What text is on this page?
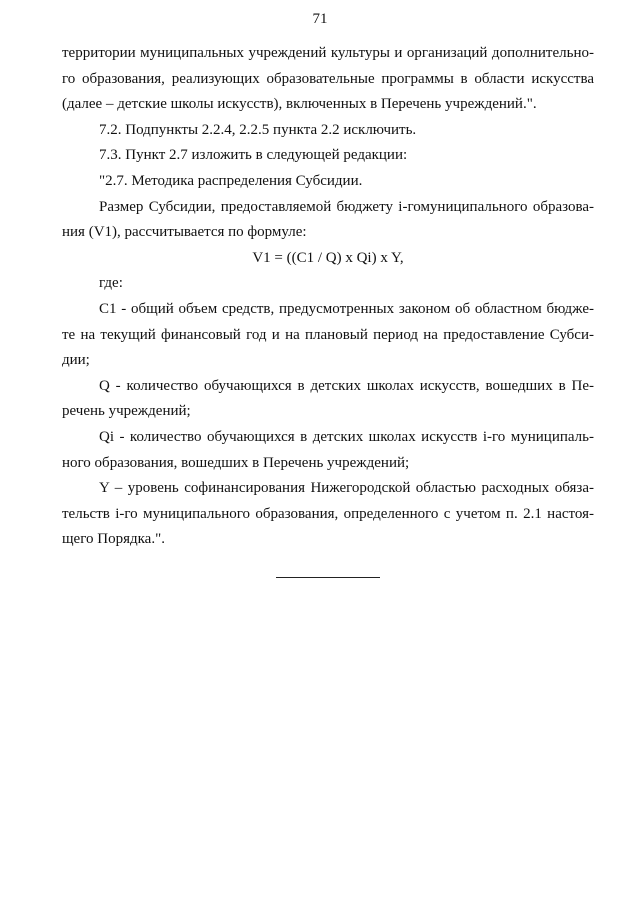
71
территории муниципальных учреждений культуры и организаций дополнительно-
го образования, реализующих образовательные программы в области искусства
(далее – детские школы искусств), включенных в Перечень учреждений.".
7.2. Подпункты 2.2.4, 2.2.5 пункта 2.2 исключить.
7.3. Пункт 2.7 изложить в следующей редакции:
"2.7. Методика распределения Субсидии.
Размер Субсидии, предоставляемой бюджету i-гомуниципального образова-
ния (V1), рассчитывается по формуле:
V1 = ((C1 / Q) x Qi) x Y,
где:
C1 - общий объем средств, предусмотренных законом об областном бюдже-
те на текущий финансовый год и на плановый период на предоставление Субси-
дии;
Q - количество обучающихся в детских школах искусств, вошедших в Пе-
речень учреждений;
Qi - количество обучающихся в детских школах искусств i-го муниципаль-
ного образования, вошедших в Перечень учреждений;
Y – уровень софинансирования Нижегородской областью расходных обяза-
тельств i-го муниципального образования, определенного с учетом п. 2.1 настоя-
щего Порядка.".
